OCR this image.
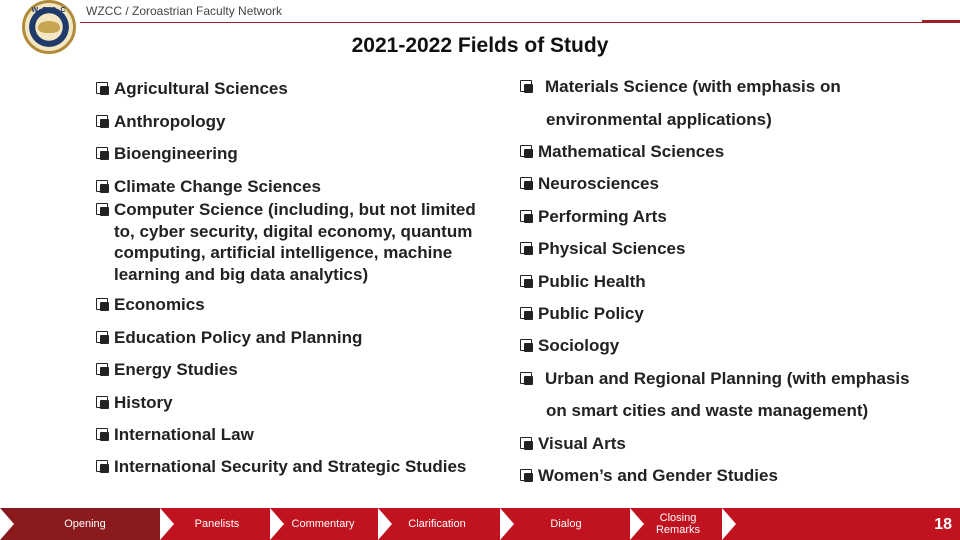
W·Z·C·C	WZCC / Zoroastrian Faculty Network
2021-2022 Fields of Study
Agricultural Sciences
Anthropology
Bioengineering
Climate Change Sciences
Computer Science (including, but not limited
to, cyber security, digital economy, quantum
computing, artificial intelligence, machine
learning and big data analytics)
Economics
Education Policy and Planning
Energy Studies
History
International Law
International Security and Strategic Studies
Materials Science (with emphasis on
environmental applications)
Mathematical Sciences
Neurosciences
Performing Arts
Physical Sciences
Public Health
Public Policy
Sociology
Urban and Regional Planning (with emphasis
on smart cities and waste management)
Visual Arts
Women’s and Gender Studies
Opening	Panelists	Commentary	Clarification	Dialog	Closing Remarks	18
